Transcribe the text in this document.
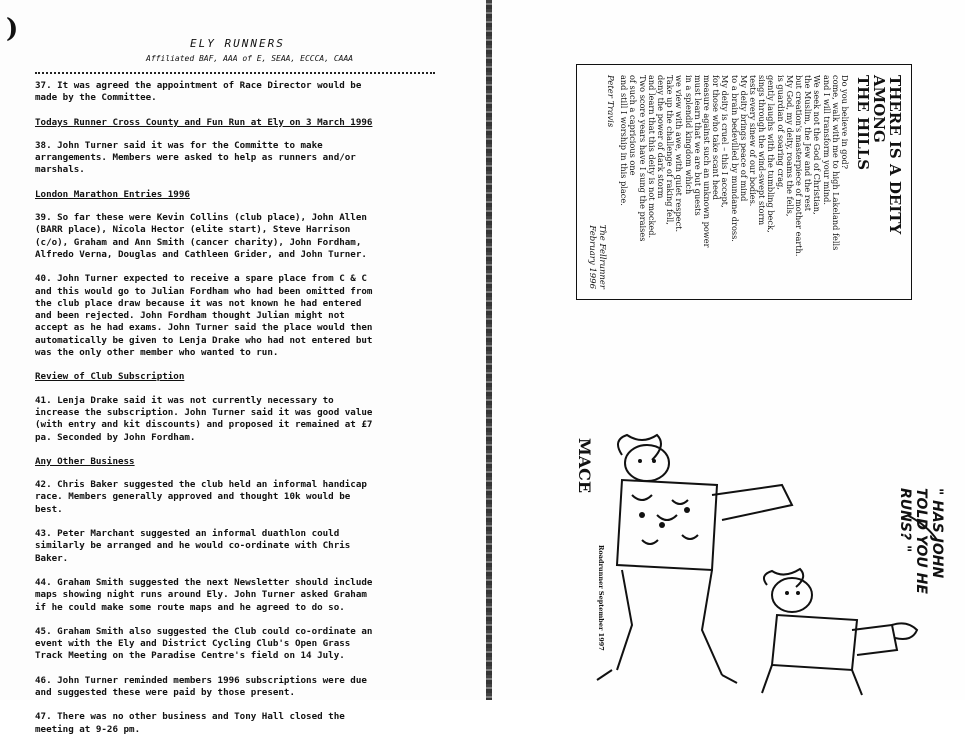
)	ELY RUNNERS
Affiliated BAF, AAA of E, SEAA, ECCCA, CAAA

37. It was agreed the appointment of Race Director would be
made by the Committee.

Todays Runner Cross County and Fun Run at Ely on 3 March 1996

38. John Turner said it was for the Committe to make
arrangements. Members were asked to help as runners and/or
marshals.

London Marathon Entries 1996

39. So far these were Kevin Collins (club place), John Allen
(BARR place), Nicola Hector (elite start), Steve Harrison
(c/o), Graham and Ann Smith (cancer charity), John Fordham,
Alfredo Verna, Douglas and Cathleen Grider, and John Turner.

40. John Turner expected to receive a spare place from C & C
and this would go to Julian Fordham who had been omitted from
the club place draw because it was not known he had entered
and been rejected. John Fordham thought Julian might not
accept as he had exams. John Turner said the place would then
automatically be given to Lenja Drake who had not entered but
was the only other member who wanted to run.

Review of Club Subscription

41. Lenja Drake said it was not currently necessary to
increase the subscription. John Turner said it was good value
(with entry and kit discounts) and proposed it remained at £7
pa. Seconded by John Fordham.

Any Other Business

42. Chris Baker suggested the club held an informal handicap
race. Members generally approved and thought 10k would be
best.

43. Peter Marchant suggested an informal duathlon could
similarly be arranged and he would co-ordinate with Chris
Baker.

44. Graham Smith suggested the next Newsletter should include
maps showing night runs around Ely. John Turner asked Graham
if he could make some route maps and he agreed to do so.

45. Graham Smith also suggested the Club could co-ordinate an
event with the Ely and District Cycling Club's Open Grass
Track Meeting on the Paradise Centre's field on 14 July.

46. John Turner reminded members 1996 subscriptions were due
and suggested these were paid by those present.

47. There was no other business and Tony Hall closed the
meeting at 9-26 pm.

THERE IS A DEITY AMONG
THE HILLS
Do you believe in god?
come, walk with me to high Lakeland fells
and I will transform your mind.
We seek not the God of Christian,
the Muslim, the Jew and the rest
but creation's masterpiece of mother earth.
My God, my deity, roams the fells,
is guardian of soaring crag,
gently laughs with the tumbling beck,
sings through the wind-swept storm
tests every sinew of our bodies.
My deity brings peace of mind
to a brain bedevilled by mundane dross.
My deity is cruel – this I accept,
for those who take scant heed
measure against such an unknown power
must learn that we are but guests
in a splendid kingdom which
we view with awe, with quiet respect.
Take up the challenge of raking fell,
deny the power of dark storm
and learn that this deity is not mocked.
Two score years have I sung the praises
of such a capricious one
and still I worship in this place.
Peter Travis
The Fellrunner
February 1996
MACE
" HAS JOHN TOLD YOU HE RUNS? "
Roadrunner September 1997
